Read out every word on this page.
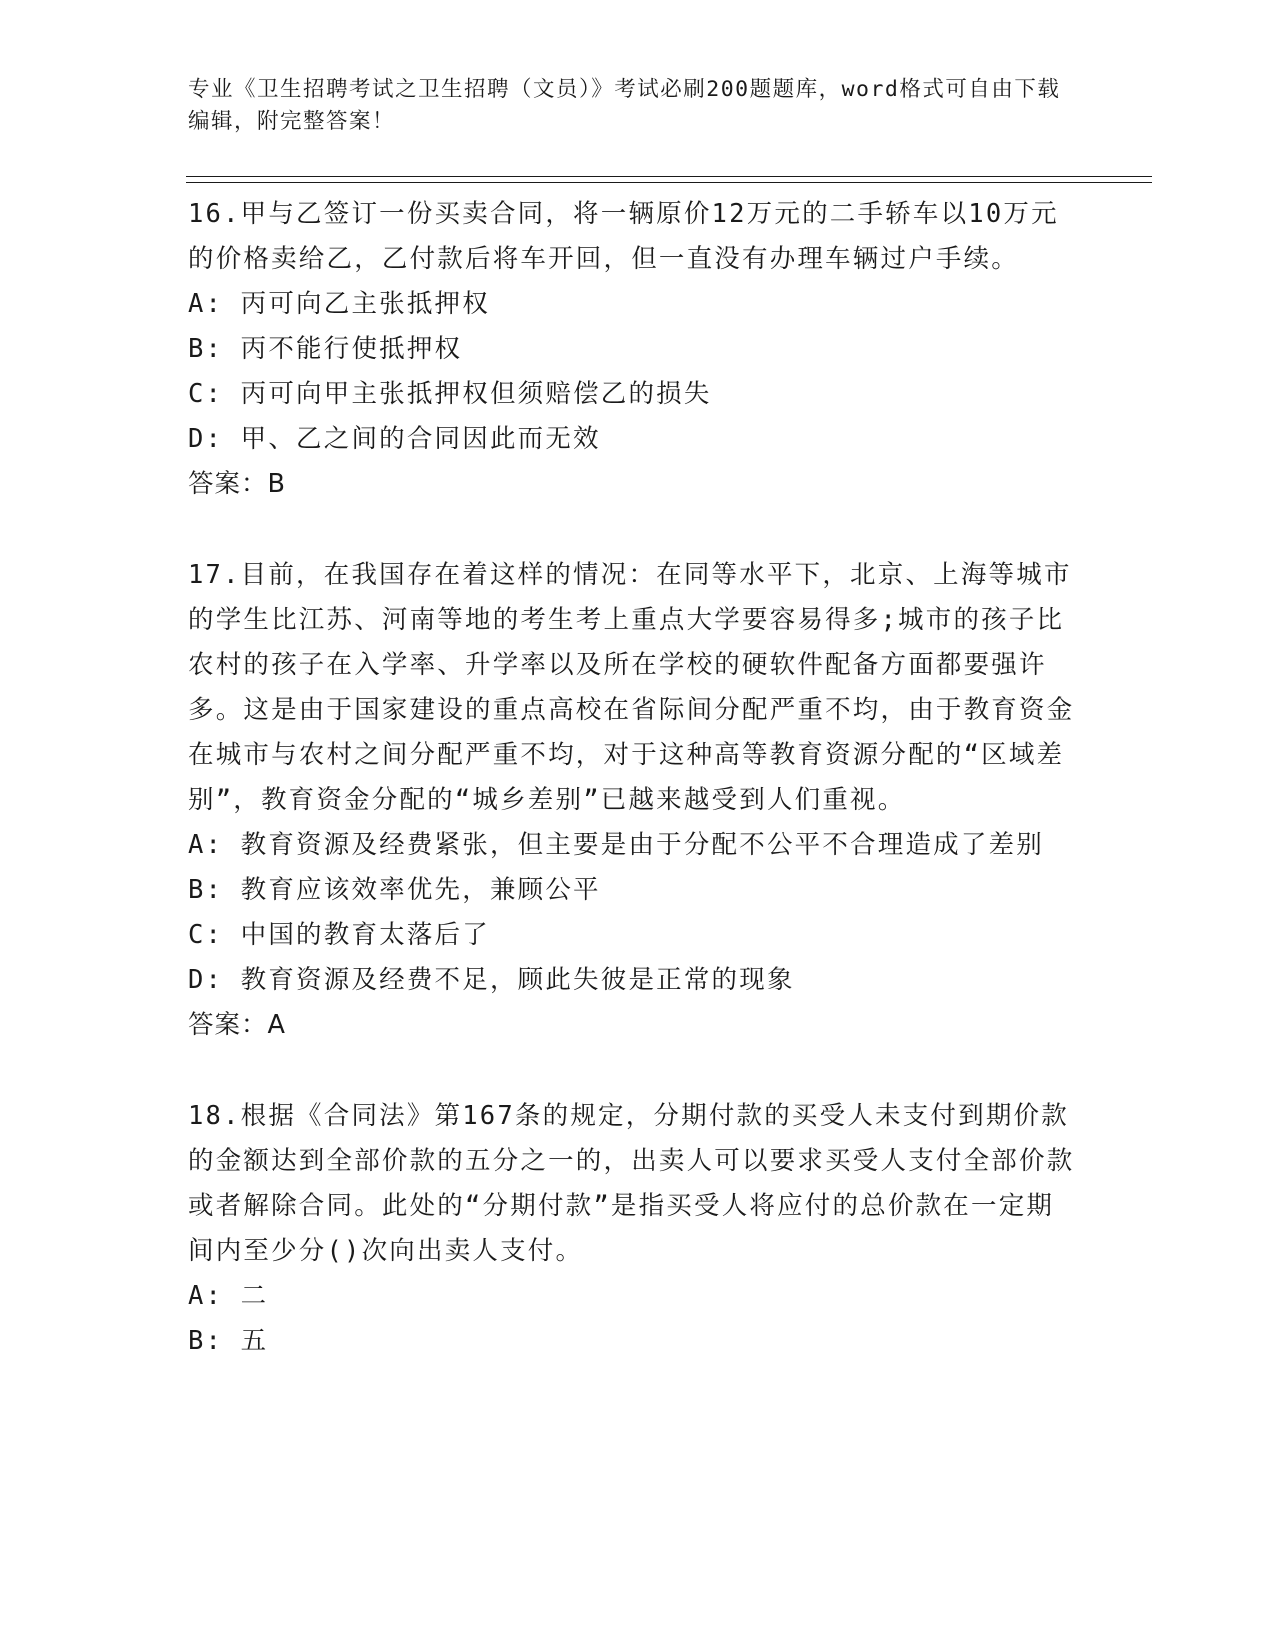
专业《卫生招聘考试之卫生招聘（文员）》考试必刷200题题库，word格式可自由下载编辑，附完整答案！

16.甲与乙签订一份买卖合同，将一辆原价12万元的二手轿车以10万元的价格卖给乙，乙付款后将车开回，但一直没有办理车辆过户手续。

A: 丙可向乙主张抵押权

B: 丙不能行使抵押权

C: 丙可向甲主张抵押权但须赔偿乙的损失

D: 甲、乙之间的合同因此而无效

答案：B

17.目前，在我国存在着这样的情况：在同等水平下，北京、上海等城市的学生比江苏、河南等地的考生考上重点大学要容易得多;城市的孩子比农村的孩子在入学率、升学率以及所在学校的硬软件配备方面都要强许多。这是由于国家建设的重点高校在省际间分配严重不均，由于教育资金在城市与农村之间分配严重不均，对于这种高等教育资源分配的“区域差别”，教育资金分配的“城乡差别”已越来越受到人们重视。

A: 教育资源及经费紧张，但主要是由于分配不公平不合理造成了差别

B: 教育应该效率优先，兼顾公平

C: 中国的教育太落后了

D: 教育资源及经费不足，顾此失彼是正常的现象

答案：A

18.根据《合同法》第167条的规定，分期付款的买受人未支付到期价款的金额达到全部价款的五分之一的，出卖人可以要求买受人支付全部价款或者解除合同。此处的“分期付款”是指买受人将应付的总价款在一定期间内至少分()次向出卖人支付。

A: 二

B: 五
